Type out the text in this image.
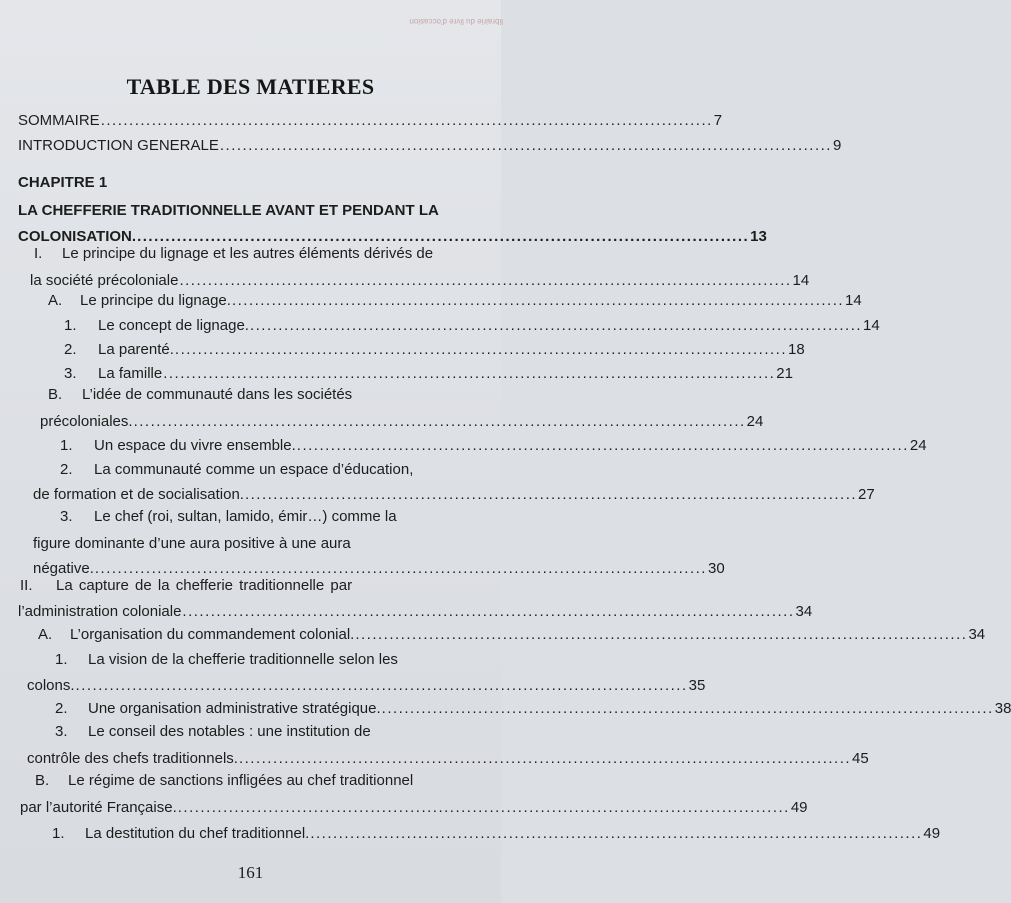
librairie du livre d'occasion
TABLE DES MATIERES
SOMMAIRE ............................................................................................................ 7
INTRODUCTION GENERALE ............................................................................................................ 9
CHAPITRE 1
LA CHEFFERIE TRADITIONNELLE AVANT ET PENDANT LA
COLONISATION. ............................................................................................................ 13
I. Le principe du lignage et les autres éléments dérivés de
la société précoloniale ............................................................................................................ 14
A.	Le principe du lignage. ............................................................................................................ 14
1.	Le concept de lignage. ............................................................................................................ 14
2.	La parenté. ............................................................................................................ 18
3.	La famille ............................................................................................................ 21
B. L’idée de communauté dans les sociétés
précoloniales. ............................................................................................................ 24
1.	Un espace du vivre ensemble. ............................................................................................................ 24
2. La communauté comme un espace d’éducation,
de formation et de socialisation. ............................................................................................................ 27
3. Le chef (roi, sultan, lamido, émir…) comme la
figure dominante d’une aura positive à une aura
négative. ............................................................................................................ 30
II. La capture de la chefferie traditionnelle par
l’administration coloniale ............................................................................................................ 34
A.	L’organisation du commandement colonial. ............................................................................................................ 34
1. La vision de la chefferie traditionnelle selon les
colons. ............................................................................................................ 35
2.	Une organisation administrative stratégique. ............................................................................................................ 38
3. Le conseil des notables : une institution de
contrôle des chefs traditionnels. ............................................................................................................ 45
B. Le régime de sanctions infligées au chef traditionnel
par l’autorité Française. ............................................................................................................ 49
1.	La destitution du chef traditionnel. ............................................................................................................ 49
161
